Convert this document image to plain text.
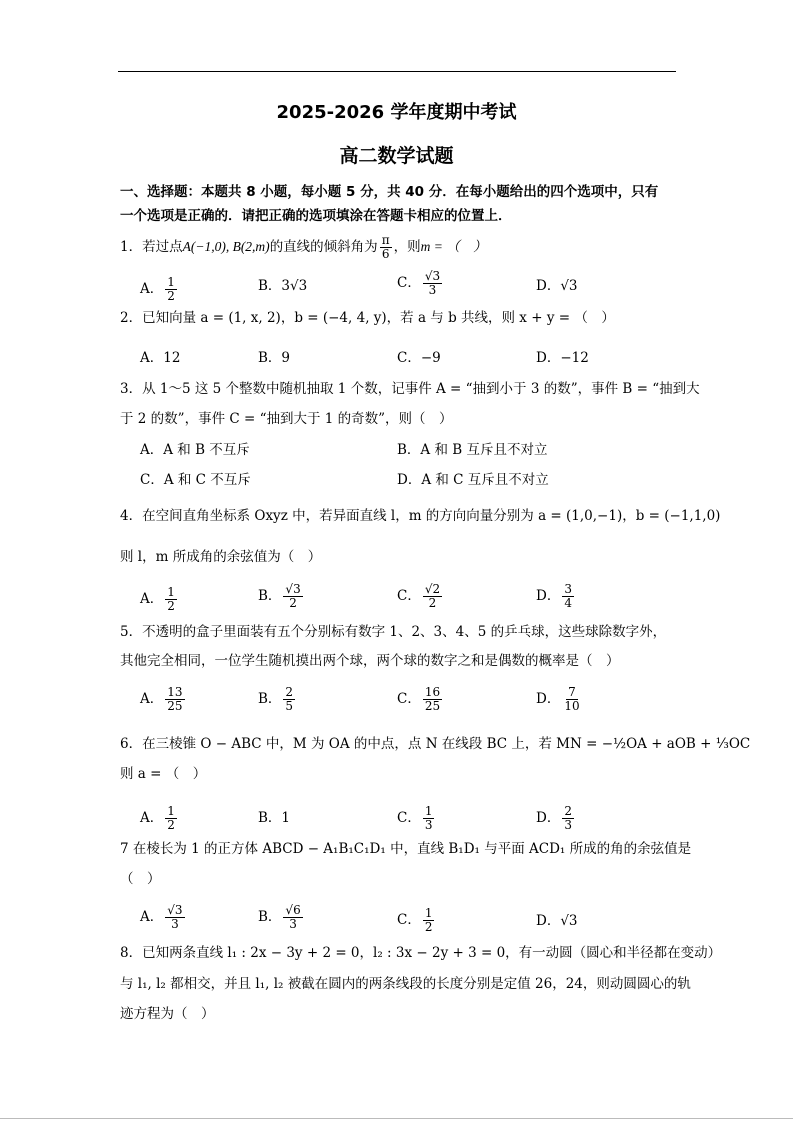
2025-2026 学年度期中考试
高二数学试题
一、选择题：本题共 8 小题，每小题 5 分，共 40 分．在每小题给出的四个选项中，只有
一个选项是正确的．请把正确的选项填涂在答题卡相应的位置上．
1．若过点A(−1,0), B(2,m)的直线的倾斜角为 $\frac{\pi}{6}$ ，则m = （　）
A． $\frac{1}{2}$	B．3√3	C． $\frac{√3}{3}$	D．√3
2．已知向量 a = (1, x, 2)，b = (−4, 4, y)，若 a 与 b 共线，则 x + y = （　）
A．12	B．9	C．−9	D．−12
3．从 1～5 这 5 个整数中随机抽取 1 个数，记事件 A = “抽到小于 3 的数”，事件 B = “抽到大
于 2 的数”，事件 C = “抽到大于 1 的奇数”，则（　）
A．A 和 B 不互斥	B．A 和 B 互斥且不对立
C．A 和 C 不互斥	D．A 和 C 互斥且不对立
4．在空间直角坐标系 Oxyz 中，若异面直线 l，m 的方向向量分别为 a = (1,0,−1)，b = (−1,1,0)
则 l，m 所成角的余弦值为（　）
A． $\frac{1}{2}$	B． $\frac{√3}{2}$	C． $\frac{√2}{2}$	D． $\frac{3}{4}$
5．不透明的盒子里面装有五个分别标有数字 1、2、3、4、5 的乒乓球，这些球除数字外，
其他完全相同，一位学生随机摸出两个球，两个球的数字之和是偶数的概率是（　）
A． $\frac{13}{25}$	B． $\frac{2}{5}$	C． $\frac{16}{25}$	D． $\frac{7}{10}$
6．在三棱锥 O − ABC 中，M 为 OA 的中点，点 N 在线段 BC 上，若 MN = −½OA + aOB + ⅓OC
则 a = （　）
A． $\frac{1}{2}$	B．1	C． $\frac{1}{3}$	D． $\frac{2}{3}$
7 在棱长为 1 的正方体 ABCD − A₁B₁C₁D₁ 中，直线 B₁D₁ 与平面 ACD₁ 所成的角的余弦值是
（　）
A． $\frac{√3}{3}$	B． $\frac{√6}{3}$	C． $\frac{1}{2}$	D．√3
8．已知两条直线 l₁ : 2x − 3y + 2 = 0，l₂ : 3x − 2y + 3 = 0，有一动圆（圆心和半径都在变动）
与 l₁, l₂ 都相交，并且 l₁, l₂ 被截在圆内的两条线段的长度分别是定值 26，24，则动圆圆心的轨
迹方程为（　）
